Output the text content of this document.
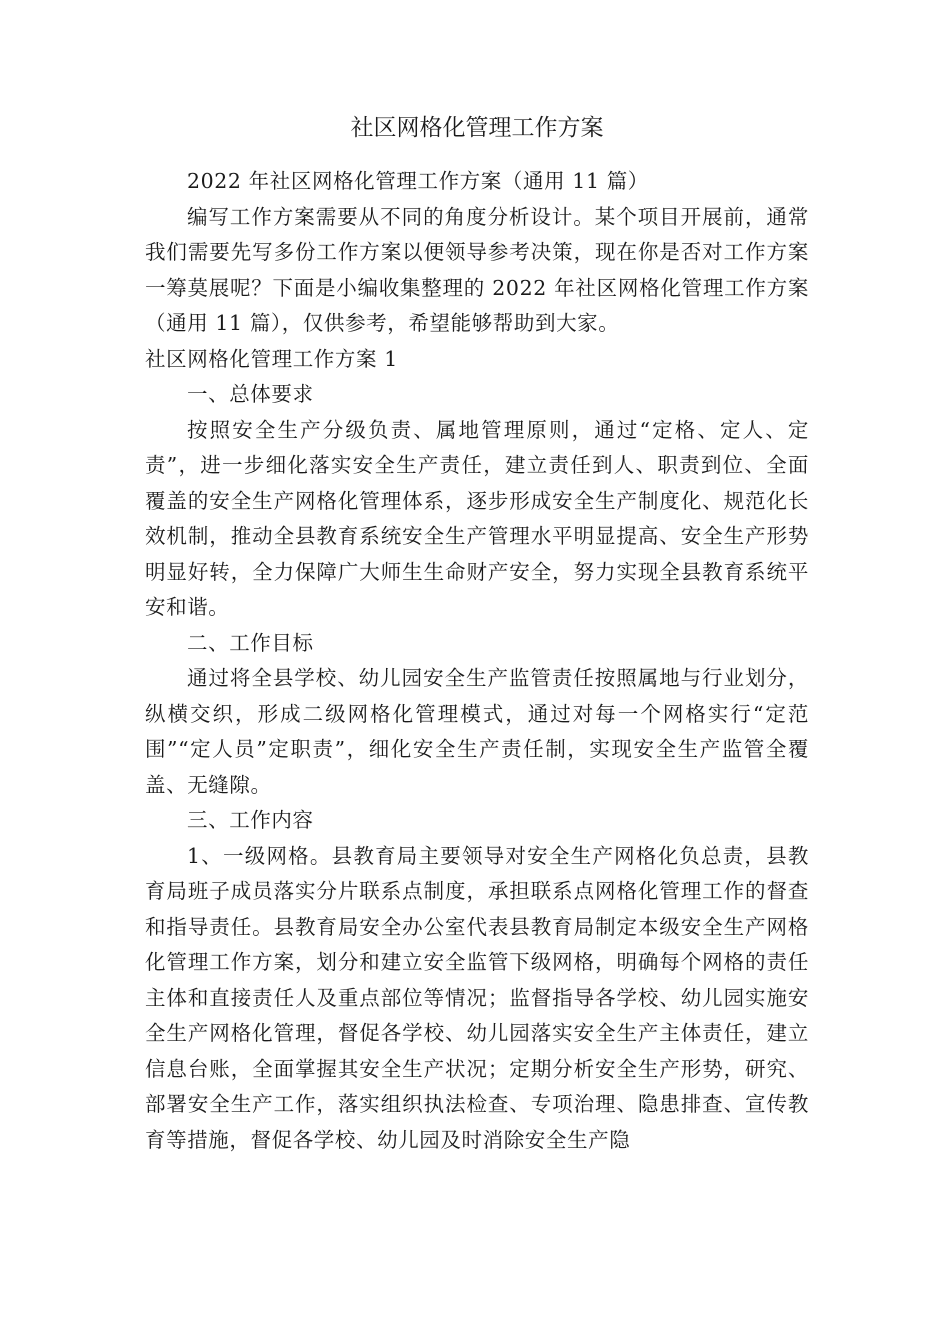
社区网格化管理工作方案

2022 年社区网格化管理工作方案（通用 11 篇）

编写工作方案需要从不同的角度分析设计。某个项目开展前，通常我们需要先写多份工作方案以便领导参考决策，现在你是否对工作方案一筹莫展呢？下面是小编收集整理的 2022 年社区网格化管理工作方案（通用 11 篇），仅供参考，希望能够帮助到大家。

社区网格化管理工作方案 1

一、总体要求

按照安全生产分级负责、属地管理原则，通过“定格、定人、定责”，进一步细化落实安全生产责任，建立责任到人、职责到位、全面覆盖的安全生产网格化管理体系，逐步形成安全生产制度化、规范化长效机制，推动全县教育系统安全生产管理水平明显提高、安全生产形势明显好转，全力保障广大师生生命财产安全，努力实现全县教育系统平安和谐。

二、工作目标

通过将全县学校、幼儿园安全生产监管责任按照属地与行业划分，纵横交织，形成二级网格化管理模式，通过对每一个网格实行“定范围”“定人员”定职责”，细化安全生产责任制，实现安全生产监管全覆盖、无缝隙。

三、工作内容

1、一级网格。县教育局主要领导对安全生产网格化负总责，县教育局班子成员落实分片联系点制度，承担联系点网格化管理工作的督查和指导责任。县教育局安全办公室代表县教育局制定本级安全生产网格化管理工作方案，划分和建立安全监管下级网格，明确每个网格的责任主体和直接责任人及重点部位等情况；监督指导各学校、幼儿园实施安全生产网格化管理，督促各学校、幼儿园落实安全生产主体责任，建立信息台账，全面掌握其安全生产状况；定期分析安全生产形势，研究、部署安全生产工作，落实组织执法检查、专项治理、隐患排查、宣传教育等措施，督促各学校、幼儿园及时消除安全生产隐
